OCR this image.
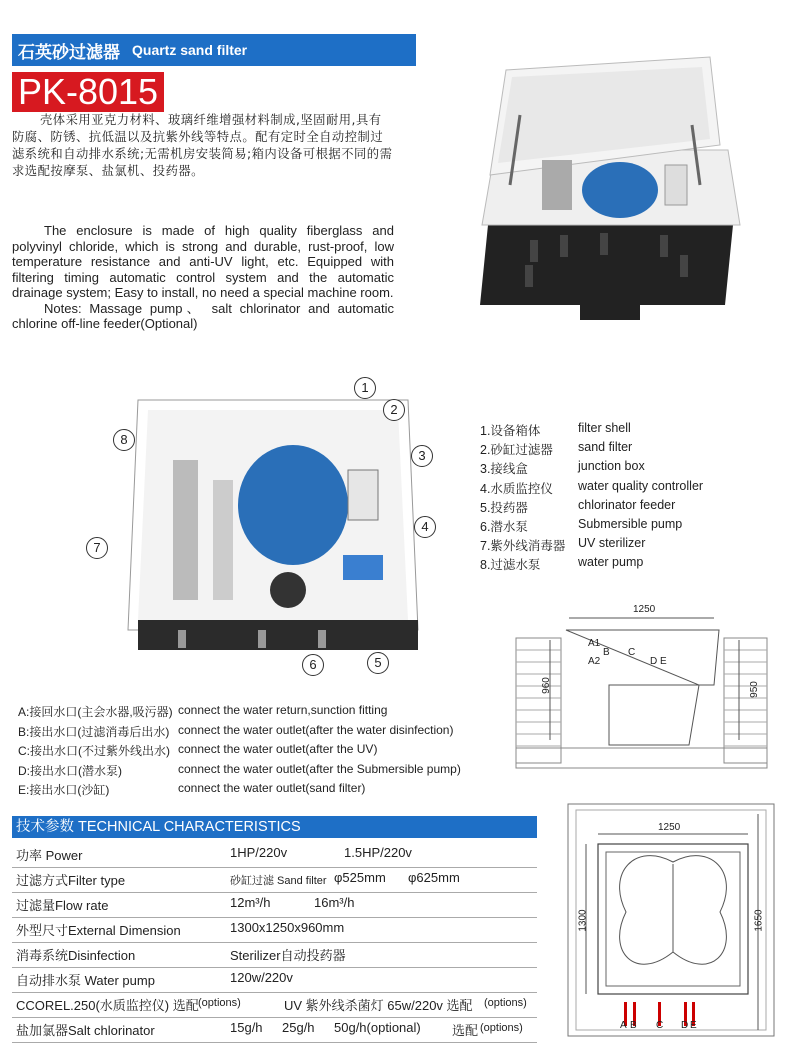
石英砂过滤器 Quartz sand filter
PK-8015
壳体采用亚克力材料、玻璃纤维增强材料制成,坚固耐用,具有防腐、防锈、抗低温以及抗紫外线等特点。配有定时全自动控制过滤系统和自动排水系统;无需机房安装简易;箱内设备可根据不同的需求选配按摩泵、盐氯机、投药器。

The enclosure is made of high quality fiberglass and polyvinyl chloride, which is strong and durable, rust-proof, low temperature resistance and anti-UV light, etc. Equipped with filtering timing automatic control system and the automatic drainage system; Easy to install, no need a special machine room.

Notes: Massage pump、 salt chlorinator and automatic chlorine off-line feeder(Optional)

1
2
3
4
5
6
7
8
1.设备箱体	filter shell
2.砂缸过滤器	sand filter
3.接线盒	junction box
4.水质监控仪	water quality controller
5.投药器	chlorinator feeder
6.潜水泵	Submersible pump
7.紫外线消毒器	UV sterilizer
8.过滤水泵	water pump
1250
960	950
A1
A2
B C
D E
A:接回水口(主会水器,吸污器) connect the water return,sunction fitting
B:接出水口(过滤消毒后出水) connect the water outlet(after the water disinfection)
C:接出水口(不过紫外线出水) connect the water outlet(after the UV)
D:接出水口(潜水泵)	connect the water outlet(after the Submersible pump)
E:接出水口(沙缸)	connect the water outlet(sand filter)
技术参数 TECHNICAL CHARACTERISTICS
功率 Power	1HP/220v	1.5HP/220v
过滤方式Filter type	砂缸过滤 Sand filter φ525mm φ625mm
过滤量Flow rate	12m³/h	16m³/h
外型尺寸External Dimension	1300x1250x960mm
消毒系统Disinfection	Sterilizer自动投药器
自动排水泵 Water pump	120w/220v
CCOREL.250(水质监控仪) 选配 (options)	UV 紫外线杀菌灯 65w/220v 选配 (options)
盐加氯器Salt chlorinator	15g/h 25g/h 50g/h(optional) 选配 (options)
1250
1300	1650
A B C D E
